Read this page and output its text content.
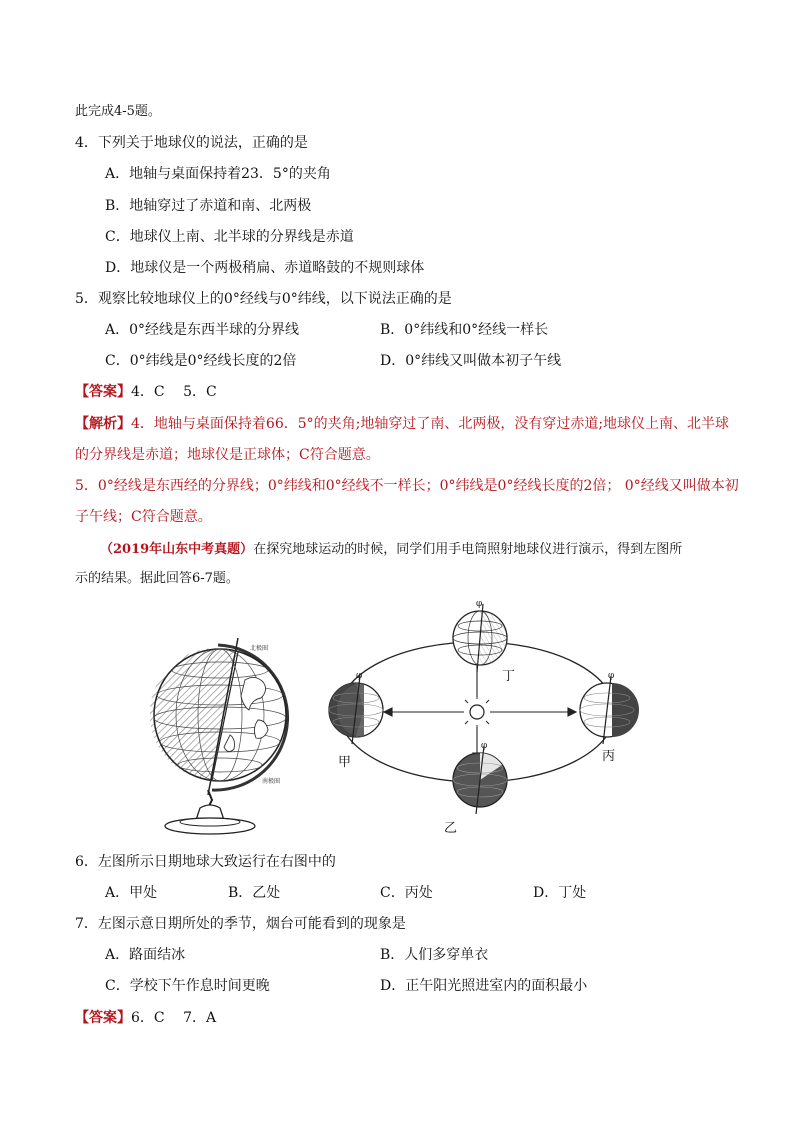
此完成4-5题。
4．下列关于地球仪的说法，正确的是
A．地轴与桌面保持着23．5°的夹角
B．地轴穿过了赤道和南、北两极
C．地球仪上南、北半球的分界线是赤道
D．地球仪是一个两极稍扁、赤道略鼓的不规则球体
5．观察比较地球仪上的0°经线与0°纬线，以下说法正确的是
A．0°经线是东西半球的分界线	B．0°纬线和0°经线一样长
C．0°纬线是0°经线长度的2倍	D．0°纬线又叫做本初子午线
【答案】4．C　 5．C
【解析】4．地轴与桌面保持着66．5°的夹角;地轴穿过了南、北两极，没有穿过赤道;地球仪上南、北半球
的分界线是赤道；地球仪是正球体；C符合题意。
5．0°经线是东西经的分界线；0°纬线和0°经线不一样长；0°纬线是0°经线长度的2倍； 0°经线又叫做本初
子午线；C符合题意。
（2019年山东中考真题）在探究地球运动的时候，同学们用手电筒照射地球仪进行演示，得到左图所
示的结果。据此回答6-7题。
北极圈
南极圈
φ
丁
φ
甲
φ
丙
φ
乙
6．左图所示日期地球大致运行在右图中的
A．甲处	B．乙处	C．丙处	D．丁处
7．左图示意日期所处的季节，烟台可能看到的现象是
A．路面结冰	B．人们多穿单衣
C．学校下午作息时间更晚	D．正午阳光照进室内的面积最小
【答案】6．C　 7．A
